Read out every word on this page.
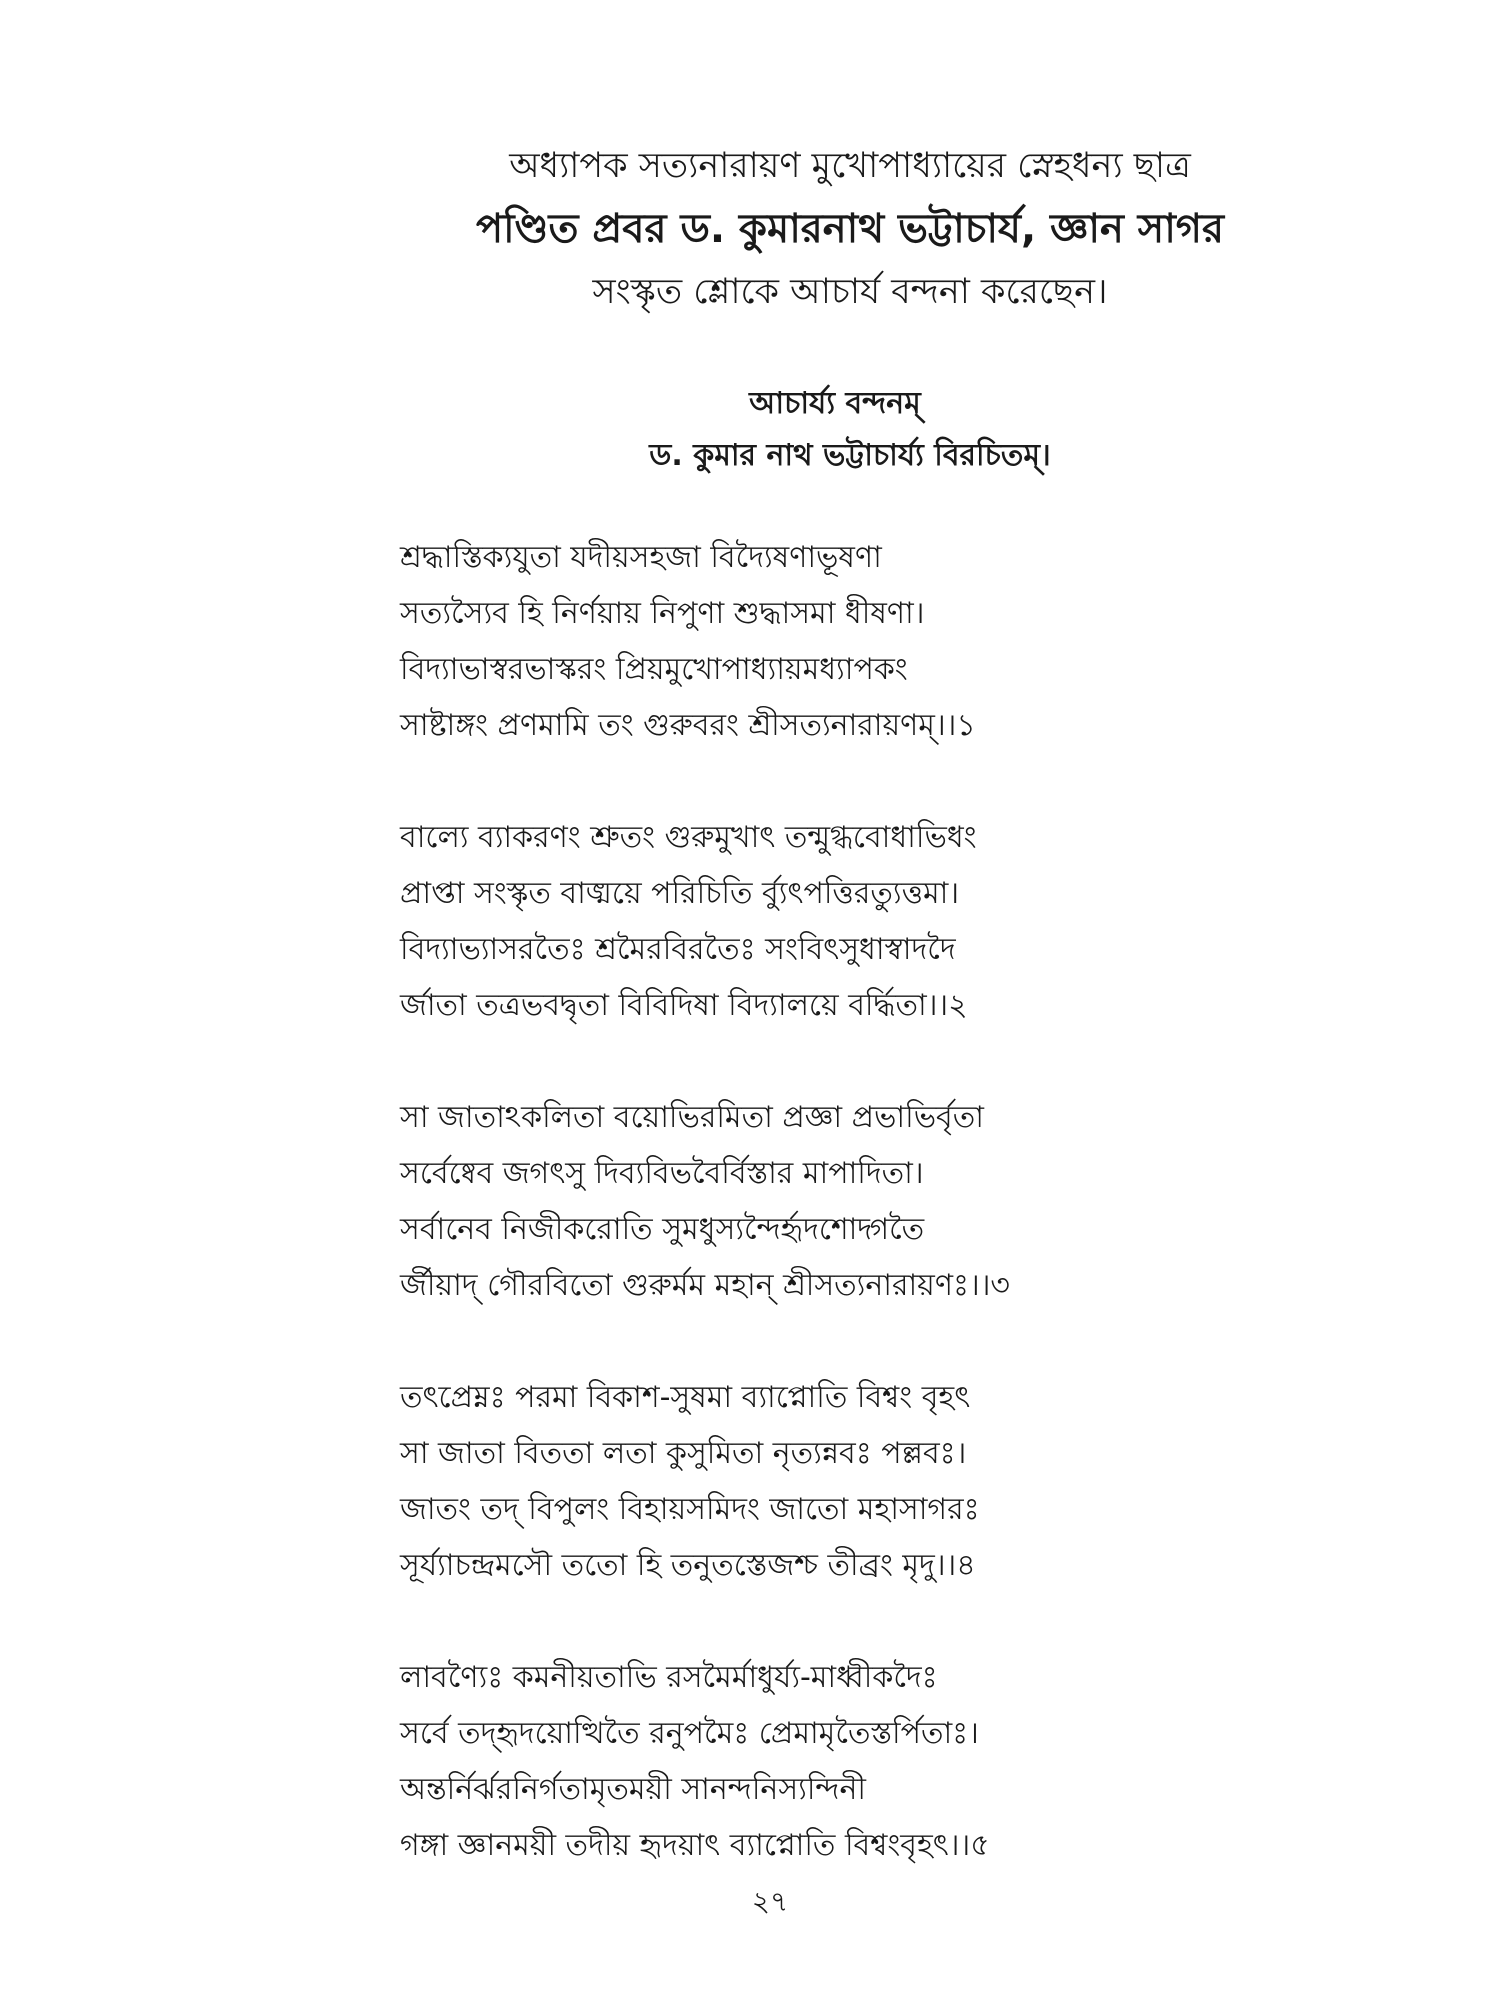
অধ্যাপক সত্যনারায়ণ মুখোপাধ্যায়ের স্নেহধন্য ছাত্র
পণ্ডিত প্রবর ড. কুমারনাথ ভট্টাচার্য, জ্ঞান সাগর
সংস্কৃত শ্লোকে আচার্য বন্দনা করেছেন।
আচার্য্য বন্দনম্
ড. কুমার নাথ ভট্টাচার্য্য বিরচিতম্।
শ্রদ্ধাস্তিক্যযুতা যদীয়সহজা বিদ্যৈষণাভূষণা
সত্যস্যৈব হি নির্ণয়ায় নিপুণা শুদ্ধাসমা ধীষণা।
বিদ্যাভাস্বরভাস্করং প্রিয়মুখোপাধ্যায়মধ্যাপকং
সাষ্টাঙ্গং প্রণমামি তং গুরুবরং শ্রীসত্যনারায়ণম্।।১
বাল্যে ব্যাকরণং শ্রুতং গুরুমুখাৎ তন্মুগ্ধবোধাভিধং
প্রাপ্তা সংস্কৃত বাঙ্ময়ে পরিচিতি র্ব্যুৎপত্তিরত্যুত্তমা।
বিদ্যাভ্যাসরতৈঃ শ্রমৈরবিরতৈঃ সংবিৎসুধাস্বাদদৈ
র্জাতা তত্রভবদ্বৃতা বিবিদিষা বিদ্যালয়ে বর্দ্ধিতা।।২
সা জাতাঽকলিতা বয়োভিরমিতা প্রজ্ঞা প্রভাভির্বৃতা
সর্বেষ্বেব জগৎসু দিব্যবিভবৈর্বিস্তার মাপাদিতা।
সর্বানেব নিজীকরোতি সুমধুস্যন্দৈর্হৃদশোদ্গতৈ
র্জীয়াদ্ গৌরবিতো গুরুর্মম মহান্ শ্রীসত্যনারায়ণঃ।।৩
তৎপ্রেম্নঃ পরমা বিকাশ-সুষমা ব্যাপ্নোতি বিশ্বং বৃহৎ
সা জাতা বিততা লতা কুসুমিতা নৃত্যন্নবঃ পল্লবঃ।
জাতং তদ্ বিপুলং বিহায়সমিদং জাতো মহাসাগরঃ
সূর্য্যাচন্দ্রমসৌ ততো হি তনুতস্তেজশ্চ তীব্রং মৃদু।।৪
লাবণ্যৈঃ কমনীয়তাভি রসমৈর্মাধুর্য্য-মাধ্বীকদৈঃ
সর্বে তদ্হৃদয়োত্থিতৈ রনুপমৈঃ প্রেমামৃতৈস্তর্পিতাঃ।
অন্তর্নির্ঝরনির্গতামৃতময়ী সানন্দনিস্যন্দিনী
গঙ্গা জ্ঞানময়ী তদীয় হৃদয়াৎ ব্যাপ্নোতি বিশ্বংবৃহৎ।।৫
২৭
